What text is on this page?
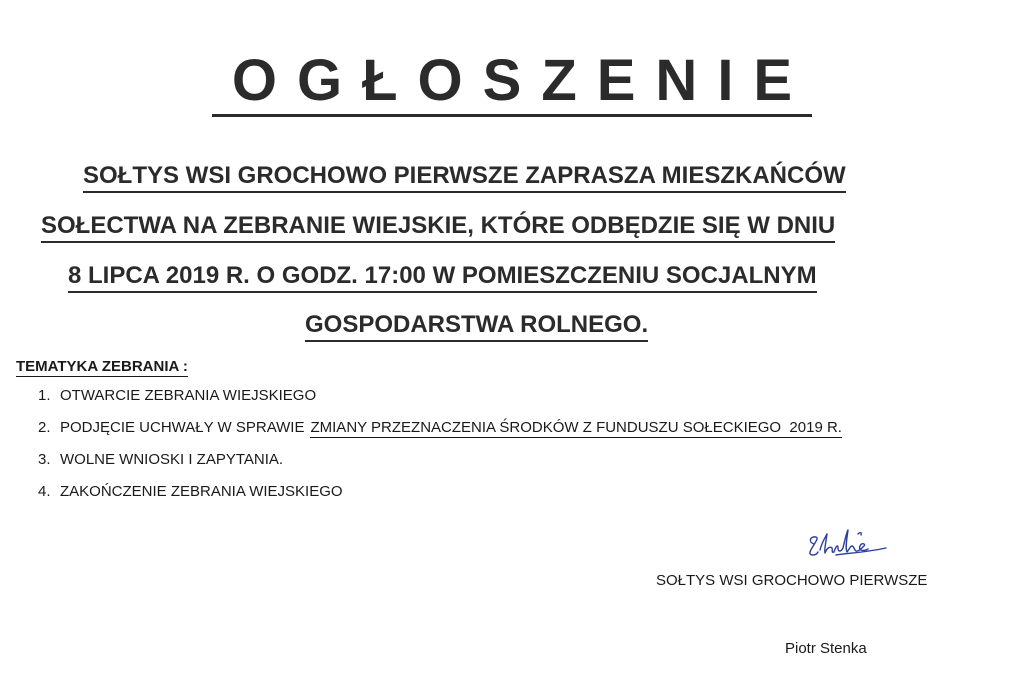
OGŁOSZENIE
SOŁTYS WSI GROCHOWO PIERWSZE ZAPRASZA MIESZKAŃCÓW
SOŁECTWA NA ZEBRANIE WIEJSKIE, KTÓRE ODBĘDZIE SIĘ W DNIU
8 LIPCA 2019 R. O GODZ. 17:00 W POMIESZCZENIU SOCJALNYM
GOSPODARSTWA ROLNEGO.
TEMATYKA ZEBRANIA :
1. OTWARCIE ZEBRANIA WIEJSKIEGO
2. PODJĘCIE UCHWAŁY W SPRAWIE ZMIANY PRZEZNACZENIA ŚRODKÓW Z FUNDUSZU SOŁECKIEGO  2019 R.
3. WOLNE WNIOSKI I ZAPYTANIA.
4. ZAKOŃCZENIE ZEBRANIA WIEJSKIEGO
SOŁTYS WSI GROCHOWO PIERWSZE
Piotr Stenka
